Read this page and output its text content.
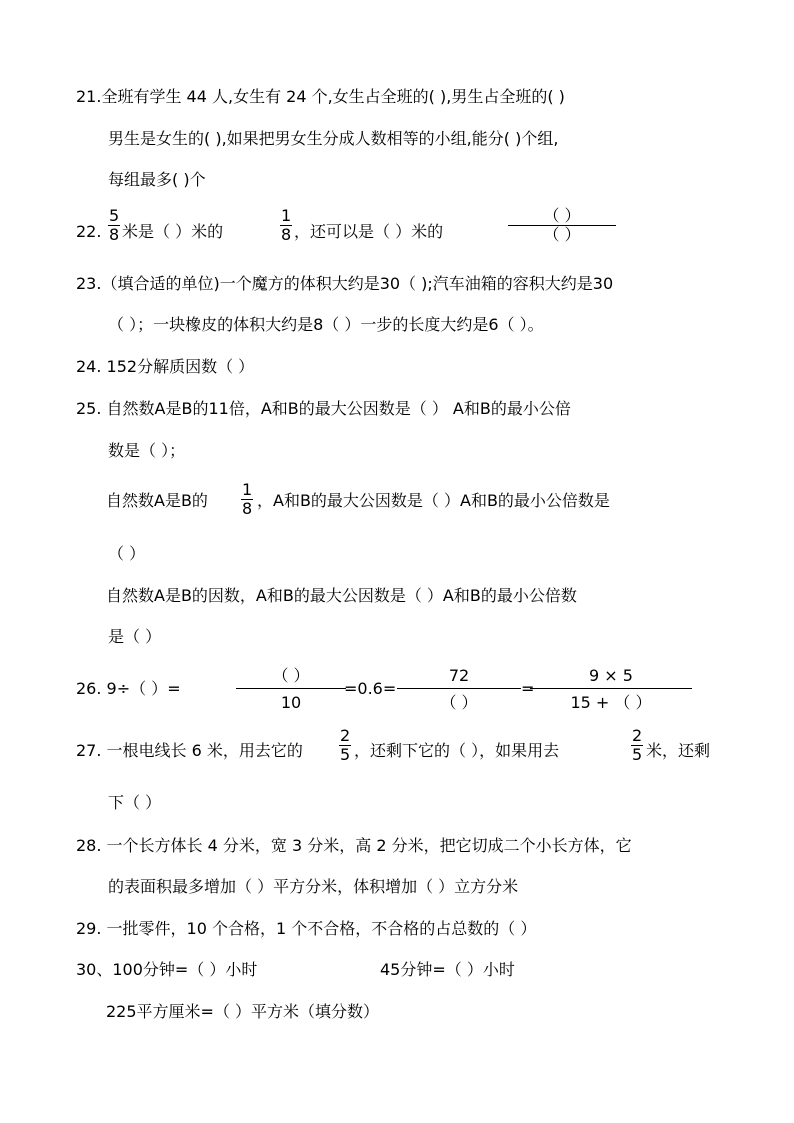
21.全班有学生 44 人,女生有 24 个,女生占全班的( ),男生占全班的( )
男生是女生的( ),如果把男女生分成人数相等的小组,能分( )个组,
每组最多( )个
22. $\frac{5}{8}$ 米是（ ）米的	$\frac{1}{8}$ ，还可以是（ ）米的
（ ）
（ ）
23.（填合适的单位)一个魔方的体积大约是30（ );汽车油箱的容积大约是30
（ ）；一块橡皮的体积大约是8（ ）一步的长度大约是6（ ）。
24. 152分解质因数（ ）
25. 自然数A是B的11倍，A和B的最大公因数是（ ） A和B的最小公倍
数是（ ）；
自然数A是B的 $\frac{1}{8}$ ，A和B的最大公因数是（ ）A和B的最小公倍数是
（ ）
自然数A是B的因数，A和B的最大公因数是（ ）A和B的最小公倍数
是（ ）
26. 9÷（ ）=
（ ）
10
=0.6=
72
（ ）
=
9 × 5
15 + （ ）
27. 一根电线长 6 米，用去它的 $\frac{2}{5}$ ，还剩下它的（ ），如果用去	$\frac{2}{5}$ 米，还剩
下（ ）
28. 一个长方体长 4 分米，宽 3 分米，高 2 分米，把它切成二个小长方体，它
的表面积最多增加（ ）平方分米，体积增加（ ）立方分米
29. 一批零件，10 个合格，1 个不合格，不合格的占总数的（ ）
30、100分钟=（ ）小时	45分钟=（ ）小时
225平方厘米=（ ）平方米（填分数）
